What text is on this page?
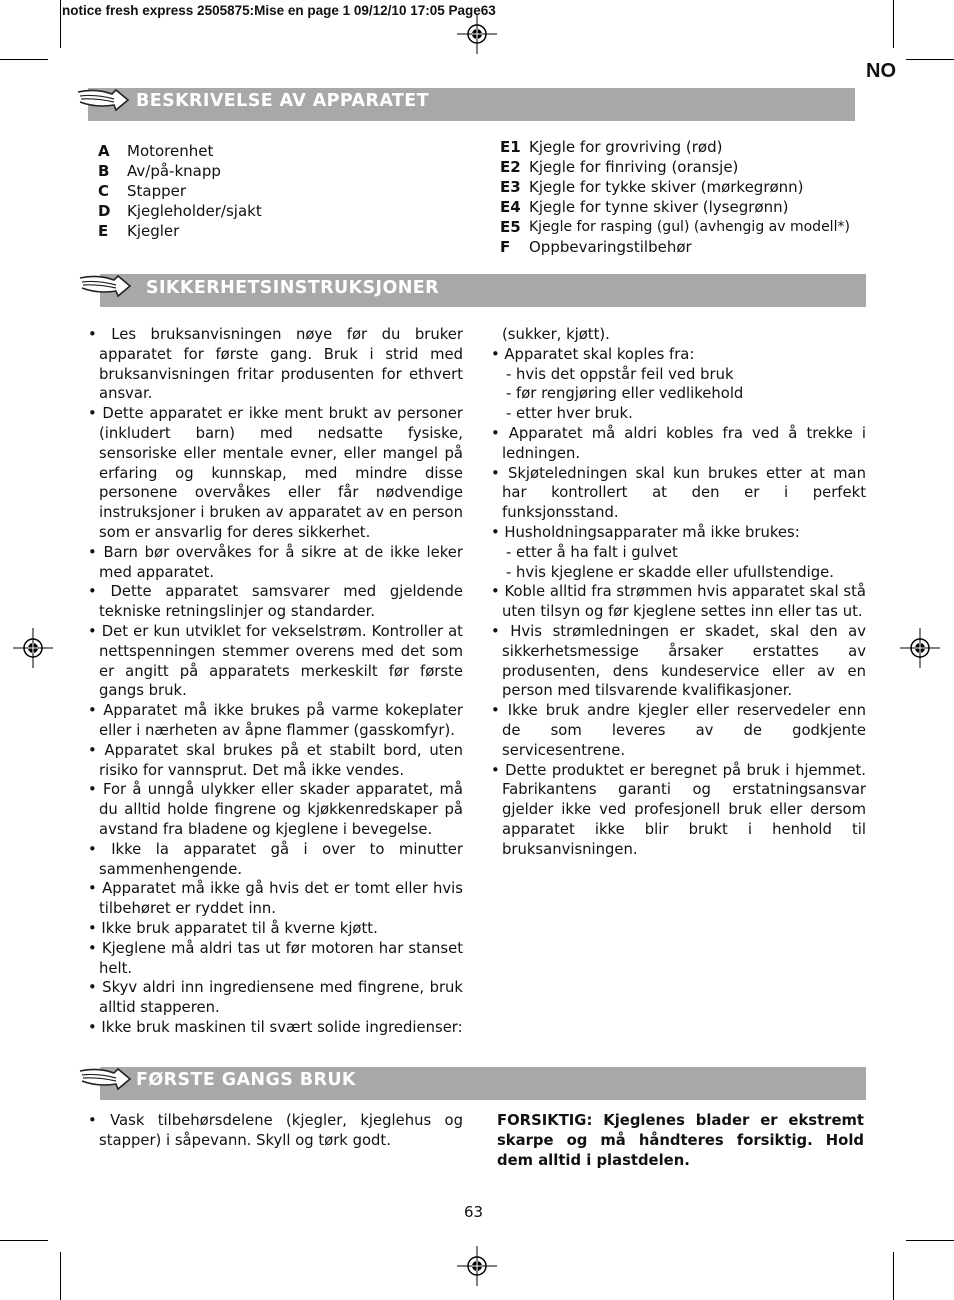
notice fresh express 2505875:Mise en page 1 09/12/10 17:05 Page63
NO
BESKRIVELSE AV APPARATET
A	Motorenhet
B	Av/på-knapp
C	Stapper
D	Kjegleholder/sjakt
E	Kjegler
E1 Kjegle for grovriving (rød)
E2 Kjegle for finriving (oransje)
E3 Kjegle for tykke skiver (mørkegrønn)
E4 Kjegle for tynne skiver (lysegrønn)
E5 Kjegle for rasping (gul) (avhengig av modell*)
F	Oppbevaringstilbehør
SIKKERHETSINSTRUKSJONER

• Les bruksanvisningen nøye før du bruker apparatet for første gang. Bruk i strid med bruksanvisningen fritar produsenten for ethvert ansvar.

• Dette apparatet er ikke ment brukt av personer (inkludert barn) med nedsatte fysiske, sensoriske eller mentale evner, eller mangel på erfaring og kunnskap, med mindre disse personene overvåkes eller får nødvendige instruksjoner i bruken av apparatet av en person som er ansvarlig for deres sikkerhet.

• Barn bør overvåkes for å sikre at de ikke leker med apparatet.

• Dette apparatet samsvarer med gjeldende tekniske retningslinjer og standarder.

• Det er kun utviklet for vekselstrøm. Kontroller at nettspenningen stemmer overens med det som er angitt på apparatets merkeskilt før første gangs bruk.

• Apparatet må ikke brukes på varme kokeplater eller i nærheten av åpne flammer (gasskomfyr).

• Apparatet skal brukes på et stabilt bord, uten risiko for vannsprut. Det må ikke vendes.

• For å unngå ulykker eller skader apparatet, må du alltid holde fingrene og kjøkkenredskaper på avstand fra bladene og kjeglene i bevegelse.

• Ikke la apparatet gå i over to minutter sammenhengende.

• Apparatet må ikke gå hvis det er tomt eller hvis tilbehøret er ryddet inn.

• Ikke bruk apparatet til å kverne kjøtt.

• Kjeglene må aldri tas ut før motoren har stanset helt.

• Skyv aldri inn ingrediensene med fingrene, bruk alltid stapperen.

• Ikke bruk maskinen til svært solide ingredienser:

(sukker, kjøtt).

• Apparatet skal koples fra:

- hvis det oppstår feil ved bruk

- før rengjøring eller vedlikehold

- etter hver bruk.

• Apparatet må aldri kobles fra ved å trekke i ledningen.

• Skjøteledningen skal kun brukes etter at man har kontrollert at den er i perfekt funksjonsstand.

• Husholdningsapparater må ikke brukes:

- etter å ha falt i gulvet

- hvis kjeglene er skadde eller ufullstendige.

• Koble alltid fra strømmen hvis apparatet skal stå uten tilsyn og før kjeglene settes inn eller tas ut.

• Hvis strømledningen er skadet, skal den av sikkerhetsmessige årsaker erstattes av produsenten, dens kundeservice eller av en person med tilsvarende kvalifikasjoner.

• Ikke bruk andre kjegler eller reservedeler enn de som leveres av de godkjente servicesentrene.

• Dette produktet er beregnet på bruk i hjemmet. Fabrikantens garanti og erstatningsansvar gjelder ikke ved profesjonell bruk eller dersom apparatet ikke blir brukt i henhold til bruksanvisningen.

FØRSTE GANGS BRUK

• Vask tilbehørsdelene (kjegler, kjeglehus og stapper) i såpevann. Skyll og tørk godt.

FORSIKTIG: Kjeglenes blader er ekstremt skarpe og må håndteres forsiktig. Hold dem alltid i plastdelen.
63
